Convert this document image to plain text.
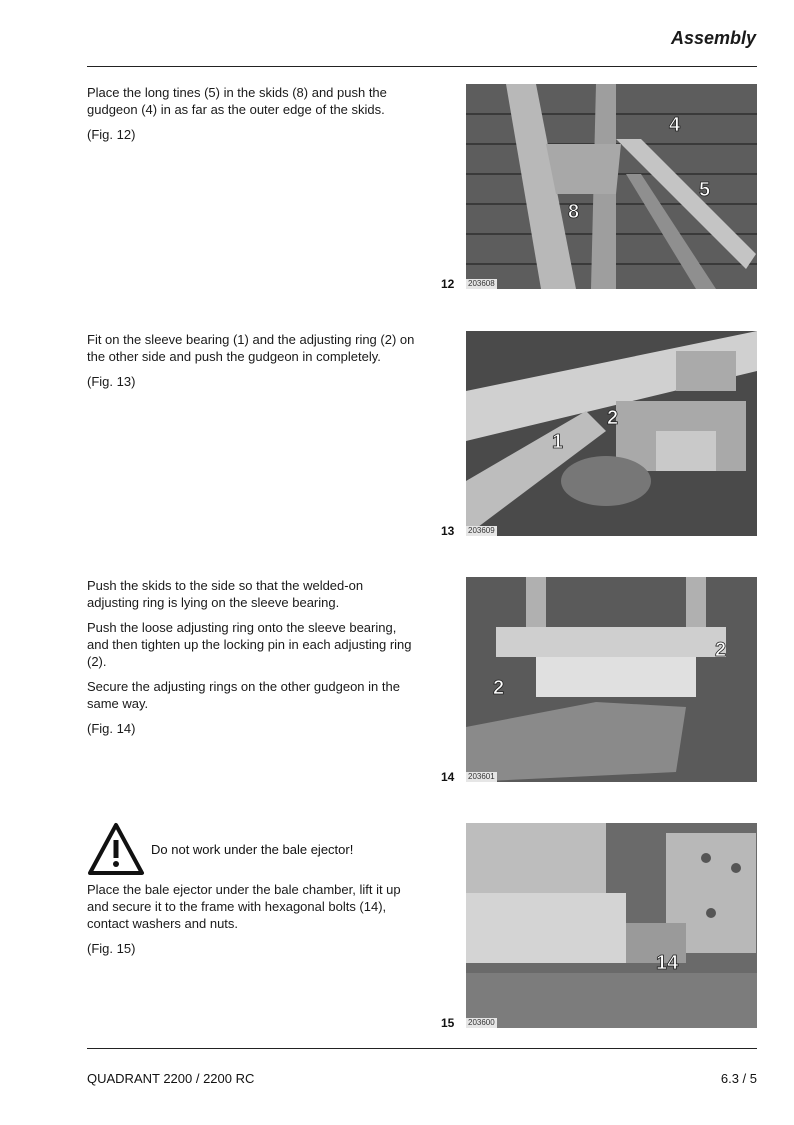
Assembly

Place the long tines (5) in the skids (8) and push the gudgeon (4) in as far as the outer edge of the skids.

(Fig. 12)	4
5
8
12 203608

Fit on the sleeve bearing (1) and the adjusting ring (2) on the other side and push the gudgeon in completely.

(Fig. 13)

2
1
13 203609

Push the skids to the side so that the welded-on adjusting ring is lying on the sleeve bearing.

Push the loose adjusting ring onto the sleeve bearing, and then tighten up the locking pin in each adjusting ring (2).

Secure the adjusting rings on the other gudgeon in the same way.

(Fig. 14)

2
2
14 203601
Do not work under the bale ejector!

Place the bale ejector under the bale chamber, lift it up and secure it to the frame with hexagonal bolts (14), contact washers and nuts.

(Fig. 15)

14
15 203600
QUADRANT 2200 / 2200 RC	6.3 / 5
